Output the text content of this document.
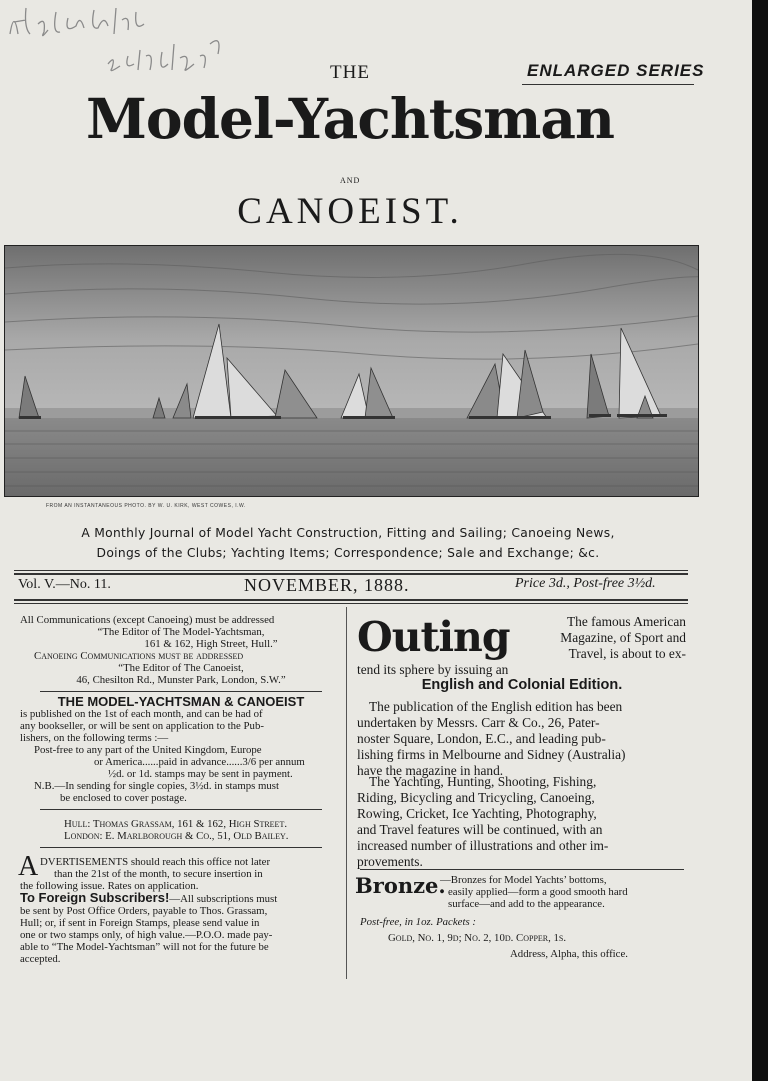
THE	ENLARGED SERIES
Model-Yachtsman
AND
CANOEIST.
FROM AN INSTANTANEOUS PHOTO. BY W. U. KIRK, WEST COWES, I.W.
A Monthly Journal of Model Yacht Construction, Fitting and Sailing; Canoeing News,
Doings of the Clubs; Yachting Items; Correspondence; Sale and Exchange; &c.
Vol. V.—No. 11.	NOVEMBER, 1888.	Price 3d., Post-free 3½d.
All Communications (except Canoeing) must be addressed
“The Editor of The Model-Yachtsman,
161 & 162, High Street, Hull.”
Canoeing Communications must be addressed
“The Editor of The Canoeist,
46, Chesilton Rd., Munster Park, London, S.W.”
THE MODEL-YACHTSMAN & CANOEIST
is published on the 1st of each month, and can be had of
any bookseller, or will be sent on application to the Pub-
lishers, on the following terms :—
Post-free to any part of the United Kingdom, Europe
or America......paid in advance......3/6 per annum
½d. or 1d. stamps may be sent in payment.
N.B.—In sending for single copies, 3½d. in stamps must
be enclosed to cover postage.
Hull: Thomas Grassam, 161 & 162, High Street.
London: E. Marlborough & Co., 51, Old Bailey.
A DVERTISEMENTS should reach this office not later
than the 21st of the month, to secure insertion in
the following issue. Rates on application.
To Foreign Subscribers!—All subscriptions must
be sent by Post Office Orders, payable to Thos. Grassam,
Hull; or, if sent in Foreign Stamps, please send value in
one or two stamps only, of high value.—P.O.O. made pay-
able to “The Model-Yachtsman” will not for the future be
accepted.
Outing	The famous American
Magazine, of Sport and
Travel, is about to ex-
tend its sphere by issuing an
English and Colonial Edition.
The publication of the English edition has been
undertaken by Messrs. Carr & Co., 26, Pater-
noster Square, London, E.C., and leading pub-
lishing firms in Melbourne and Sidney (Australia)
have the magazine in hand.
The Yachting, Hunting, Shooting, Fishing,
Riding, Bicycling and Tricycling, Canoeing,
Rowing, Cricket, Ice Yachting, Photography,
and Travel features will be continued, with an
increased number of illustrations and other im-
provements.
Bronze.
—Bronzes for Model Yachts’ bottoms,
easily applied—form a good smooth hard
surface—and add to the appearance.
Post-free, in 1oz. Packets :
Gold, No. 1, 9d; No. 2, 10d. Copper, 1s.
Address, Alpha, this office.
